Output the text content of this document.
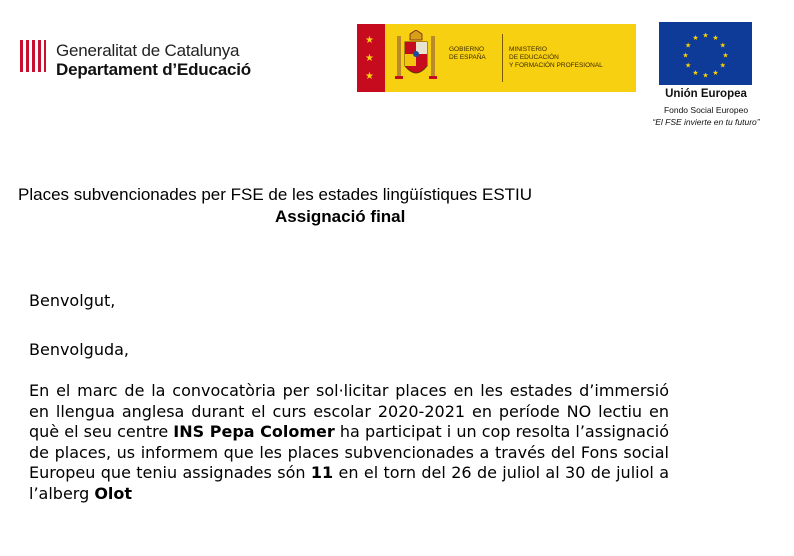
Generalitat de Catalunya
Departament d’Educació
★
★
★
GOBIERNO
DE ESPAÑA
MINISTERIO
DE EDUCACIÓN
Y FORMACIÓN PROFESIONAL
★ ★
★
★
★
★
★
★
★
★
★
★
Unión Europea
Fondo Social Europeo
“El FSE invierte en tu futuro”
Places subvencionades per FSE de les estades lingüístiques ESTIU
Assignació final
Benvolgut,
Benvolguda,
En el marc de la convocatòria per sol·licitar places en les estades d’immersió en llengua anglesa durant el curs escolar 2020-2021 en període NO lectiu en què el seu centre INS Pepa Colomer ha participat i un cop resolta l’assignació de places, us informem que les places subvencionades a través del Fons social Europeu que teniu assignades són 11 en el torn del 26 de juliol al 30 de juliol a l’alberg Olot
